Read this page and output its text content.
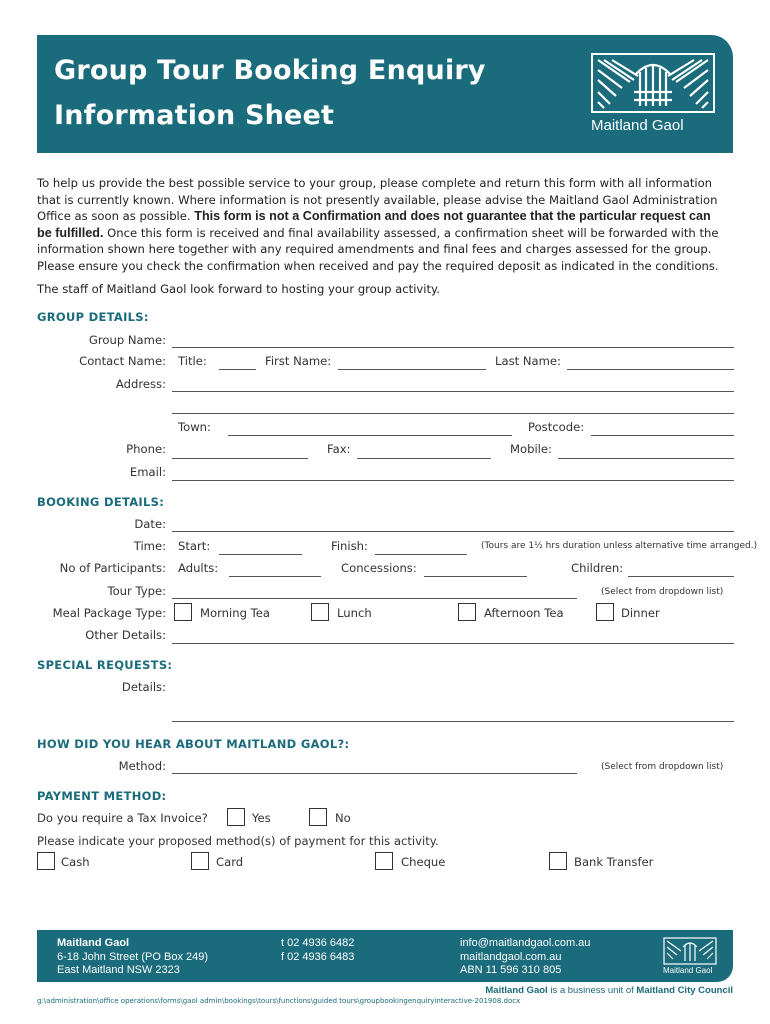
Group Tour Booking Enquiry
Information Sheet	Maitland Gaol
To help us provide the best possible service to your group, please complete and return this form with all information that is currently known. Where information is not presently available, please advise the Maitland Gaol Administration Office as soon as possible. This form is not a Confirmation and does not guarantee that the particular request can be fulfilled. Once this form is received and final availability assessed, a confirmation sheet will be forwarded with the information shown here together with any required amendments and final fees and charges assessed for the group. Please ensure you check the confirmation when received and pay the required deposit as indicated in the conditions.
The staff of Maitland Gaol look forward to hosting your group activity.
GROUP DETAILS:
Group Name:
Contact Name: Title:	First Name:	Last Name:
Address:
Town:	Postcode:
Phone:	Fax:	Mobile:
Email:
BOOKING DETAILS:
Date:
Time: Start:	Finish:	(Tours are 1½ hrs duration unless alternative time arranged.)
No of Participants: Adults:	Concessions:	Children:
Tour Type:	(Select from dropdown list)
Meal Package Type:	Morning Tea	Lunch	Afternoon Tea	Dinner
Other Details:
SPECIAL REQUESTS:
Details:
HOW DID YOU HEAR ABOUT MAITLAND GAOL?:
Method:	(Select from dropdown list)
PAYMENT METHOD:
Do you require a Tax Invoice?	Yes	No
Please indicate your proposed method(s) of payment for this activity.
Cash	Card	Cheque	Bank Transfer
Maitland Gaol
6-18 John Street (PO Box 249)
East Maitland NSW 2323
t 02 4936 6482
f 02 4936 6483
info@maitlandgaol.com.au
maitlandgaol.com.au
ABN 11 596 310 805	Maitland Gaol
Maitland Gaol is a business unit of Maitland City Council
g:\administration\office operations\forms\gaol admin\bookings\tours\functions\guided tours\groupbookingenquiryinteractive-201908.docx
